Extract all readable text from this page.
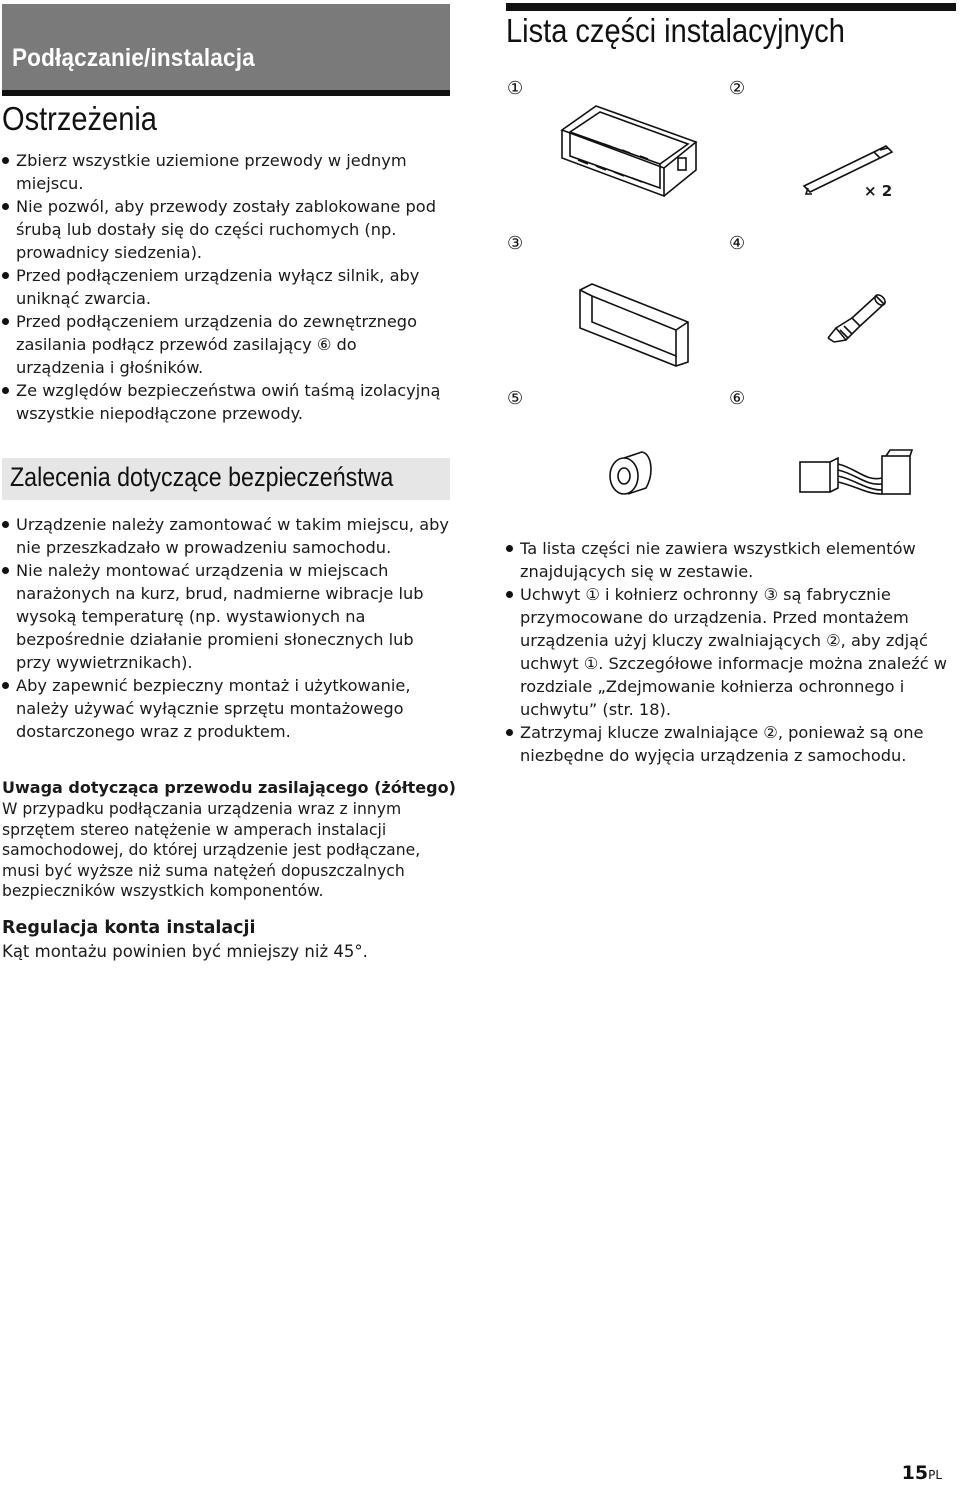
Podłączanie/instalacja
Ostrzeżenia
Zbierz wszystkie uziemione przewody w jednym miejscu.
Nie pozwól, aby przewody zostały zablokowane pod śrubą lub dostały się do części ruchomych (np. prowadnicy siedzenia).
Przed podłączeniem urządzenia wyłącz silnik, aby uniknąć zwarcia.
Przed podłączeniem urządzenia do zewnętrznego zasilania podłącz przewód zasilający ⑥ do urządzenia i głośników.
Ze względów bezpieczeństwa owiń taśmą izolacyjną wszystkie niepodłączone przewody.
Zalecenia dotyczące bezpieczeństwa
Urządzenie należy zamontować w takim miejscu, aby nie przeszkadzało w prowadzeniu samochodu.
Nie należy montować urządzenia w miejscach narażonych na kurz, brud, nadmierne wibracje lub wysoką temperaturę (np. wystawionych na bezpośrednie działanie promieni słonecznych lub przy wywietrznikach).
Aby zapewnić bezpieczny montaż i użytkowanie, należy używać wyłącznie sprzętu montażowego dostarczonego wraz z produktem.
Uwaga dotycząca przewodu zasilającego (żółtego)
W przypadku podłączania urządzenia wraz z innym sprzętem stereo natężenie w amperach instalacji samochodowej, do której urządzenie jest podłączane, musi być wyższe niż suma natężeń dopuszczalnych bezpieczników wszystkich komponentów.
Regulacja konta instalacji
Kąt montażu powinien być mniejszy niż 45°.
Lista części instalacyjnych
①	②
③	④
⑤	⑥
× 2
Ta lista części nie zawiera wszystkich elementów znajdujących się w zestawie.
Uchwyt ① i kołnierz ochronny ③ są fabrycznie przymocowane do urządzenia. Przed montażem urządzenia użyj kluczy zwalniających ②, aby zdjąć uchwyt ①. Szczegółowe informacje można znaleźć w rozdziale „Zdejmowanie kołnierza ochronnego i uchwytu” (str. 18).
Zatrzymaj klucze zwalniające ②, ponieważ są one niezbędne do wyjęcia urządzenia z samochodu.
15PL
